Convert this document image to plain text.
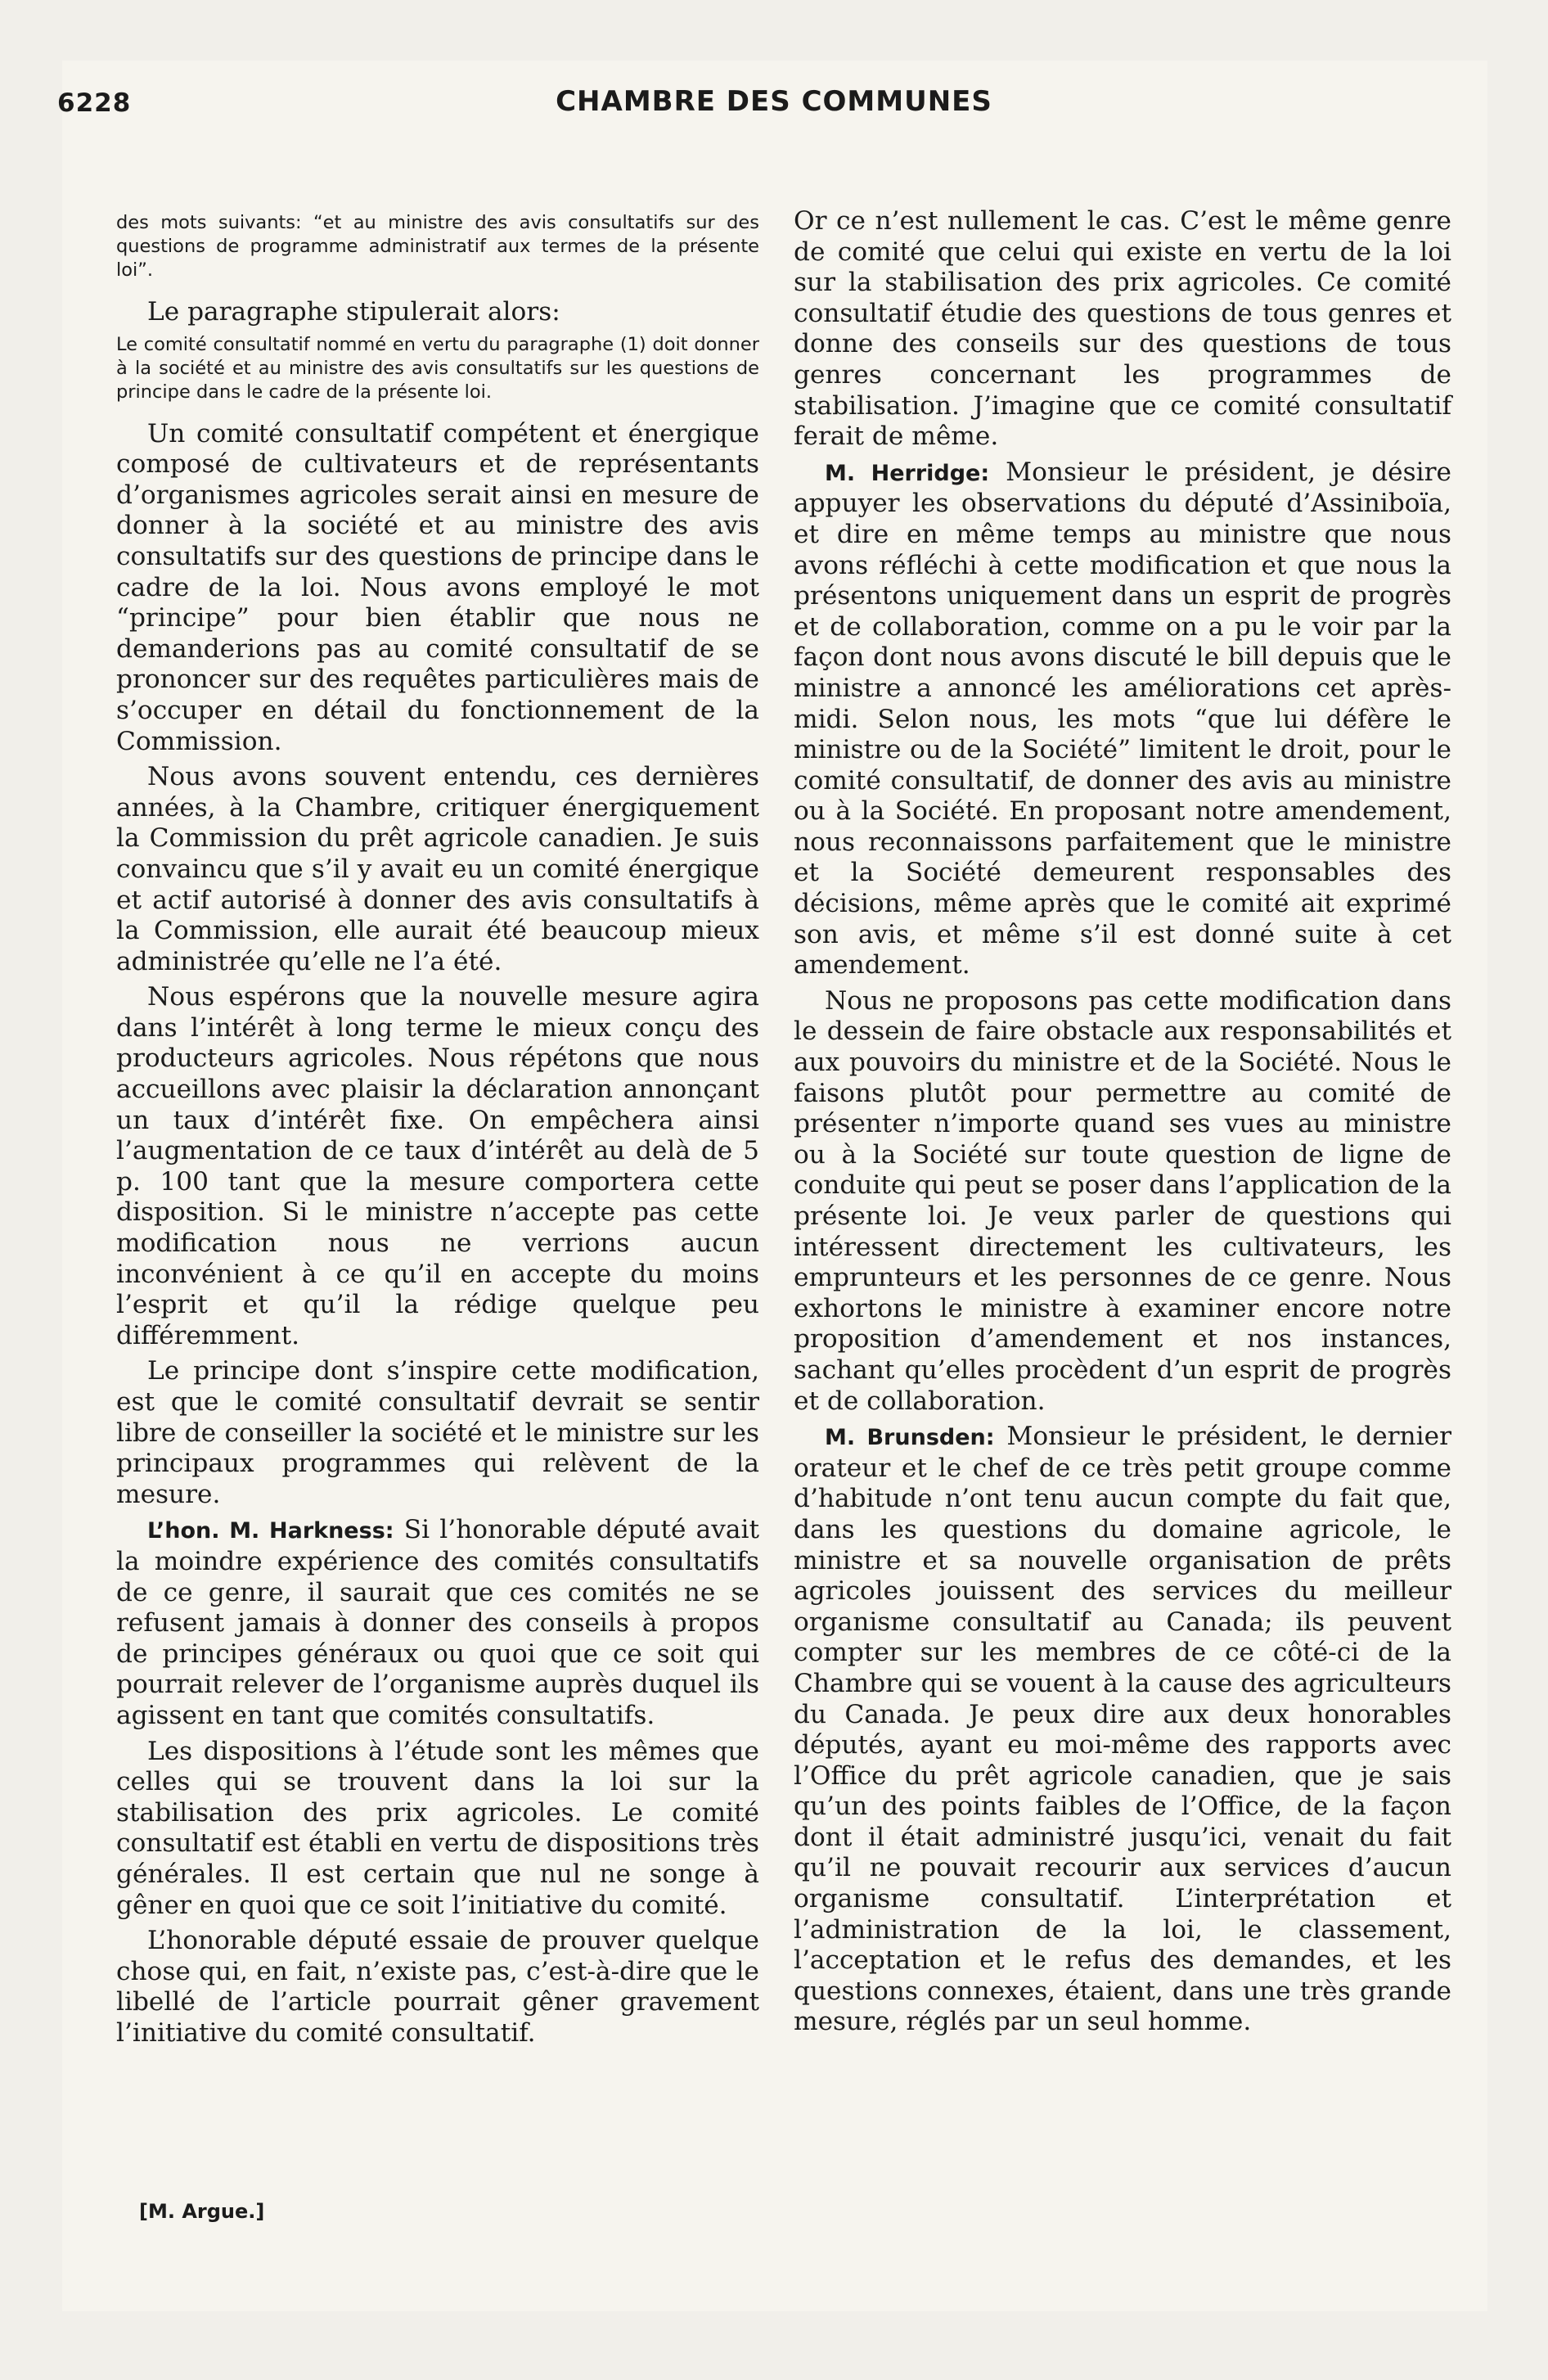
6228	CHAMBRE DES COMMUNES

des mots suivants: “et au ministre des avis consultatifs sur des questions de programme administratif aux termes de la présente loi”.

Le paragraphe stipulerait alors:

Le comité consultatif nommé en vertu du paragraphe (1) doit donner à la société et au ministre des avis consultatifs sur les questions de principe dans le cadre de la présente loi.

Un comité consultatif compétent et énergique composé de cultivateurs et de représentants d’organismes agricoles serait ainsi en mesure de donner à la société et au ministre des avis consultatifs sur des questions de principe dans le cadre de la loi. Nous avons employé le mot “principe” pour bien établir que nous ne demanderions pas au comité consultatif de se prononcer sur des requêtes particulières mais de s’occuper en détail du fonctionnement de la Commission.

Nous avons souvent entendu, ces dernières années, à la Chambre, critiquer énergiquement la Commission du prêt agricole canadien. Je suis convaincu que s’il y avait eu un comité énergique et actif autorisé à donner des avis consultatifs à la Commission, elle aurait été beaucoup mieux administrée qu’elle ne l’a été.

Nous espérons que la nouvelle mesure agira dans l’intérêt à long terme le mieux conçu des producteurs agricoles. Nous répétons que nous accueillons avec plaisir la déclaration annonçant un taux d’intérêt fixe. On empêchera ainsi l’augmentation de ce taux d’intérêt au delà de 5 p. 100 tant que la mesure comportera cette disposition. Si le ministre n’accepte pas cette modification nous ne verrions aucun inconvénient à ce qu’il en accepte du moins l’esprit et qu’il la rédige quelque peu différemment.

Le principe dont s’inspire cette modification, est que le comité consultatif devrait se sentir libre de conseiller la société et le ministre sur les principaux programmes qui relèvent de la mesure.

L’hon. M. Harkness: Si l’honorable député avait la moindre expérience des comités consultatifs de ce genre, il saurait que ces comités ne se refusent jamais à donner des conseils à propos de principes généraux ou quoi que ce soit qui pourrait relever de l’organisme auprès duquel ils agissent en tant que comités consultatifs.

Les dispositions à l’étude sont les mêmes que celles qui se trouvent dans la loi sur la stabilisation des prix agricoles. Le comité consultatif est établi en vertu de dispositions très générales. Il est certain que nul ne songe à gêner en quoi que ce soit l’initiative du comité.

L’honorable député essaie de prouver quelque chose qui, en fait, n’existe pas, c’est-à-dire que le libellé de l’article pourrait gêner gravement l’initiative du comité consultatif.

Or ce n’est nullement le cas. C’est le même genre de comité que celui qui existe en vertu de la loi sur la stabilisation des prix agricoles. Ce comité consultatif étudie des questions de tous genres et donne des conseils sur des questions de tous genres concernant les programmes de stabilisation. J’imagine que ce comité consultatif ferait de même.

M. Herridge: Monsieur le président, je désire appuyer les observations du député d’Assiniboïa, et dire en même temps au ministre que nous avons réfléchi à cette modification et que nous la présentons uniquement dans un esprit de progrès et de collaboration, comme on a pu le voir par la façon dont nous avons discuté le bill depuis que le ministre a annoncé les améliorations cet après-midi. Selon nous, les mots “que lui défère le ministre ou de la Société” limitent le droit, pour le comité consultatif, de donner des avis au ministre ou à la Société. En proposant notre amendement, nous reconnaissons parfaitement que le ministre et la Société demeurent responsables des décisions, même après que le comité ait exprimé son avis, et même s’il est donné suite à cet amendement.

Nous ne proposons pas cette modification dans le dessein de faire obstacle aux responsabilités et aux pouvoirs du ministre et de la Société. Nous le faisons plutôt pour permettre au comité de présenter n’importe quand ses vues au ministre ou à la Société sur toute question de ligne de conduite qui peut se poser dans l’application de la présente loi. Je veux parler de questions qui intéressent directement les cultivateurs, les emprunteurs et les personnes de ce genre. Nous exhortons le ministre à examiner encore notre proposition d’amendement et nos instances, sachant qu’elles procèdent d’un esprit de progrès et de collaboration.

M. Brunsden: Monsieur le président, le dernier orateur et le chef de ce très petit groupe comme d’habitude n’ont tenu aucun compte du fait que, dans les questions du domaine agricole, le ministre et sa nouvelle organisation de prêts agricoles jouissent des services du meilleur organisme consultatif au Canada; ils peuvent compter sur les membres de ce côté-ci de la Chambre qui se vouent à la cause des agriculteurs du Canada. Je peux dire aux deux honorables députés, ayant eu moi-même des rapports avec l’Office du prêt agricole canadien, que je sais qu’un des points faibles de l’Office, de la façon dont il était administré jusqu’ici, venait du fait qu’il ne pouvait recourir aux services d’aucun organisme consultatif. L’interprétation et l’administration de la loi, le classement, l’acceptation et le refus des demandes, et les questions connexes, étaient, dans une très grande mesure, réglés par un seul homme.

[M. Argue.]
